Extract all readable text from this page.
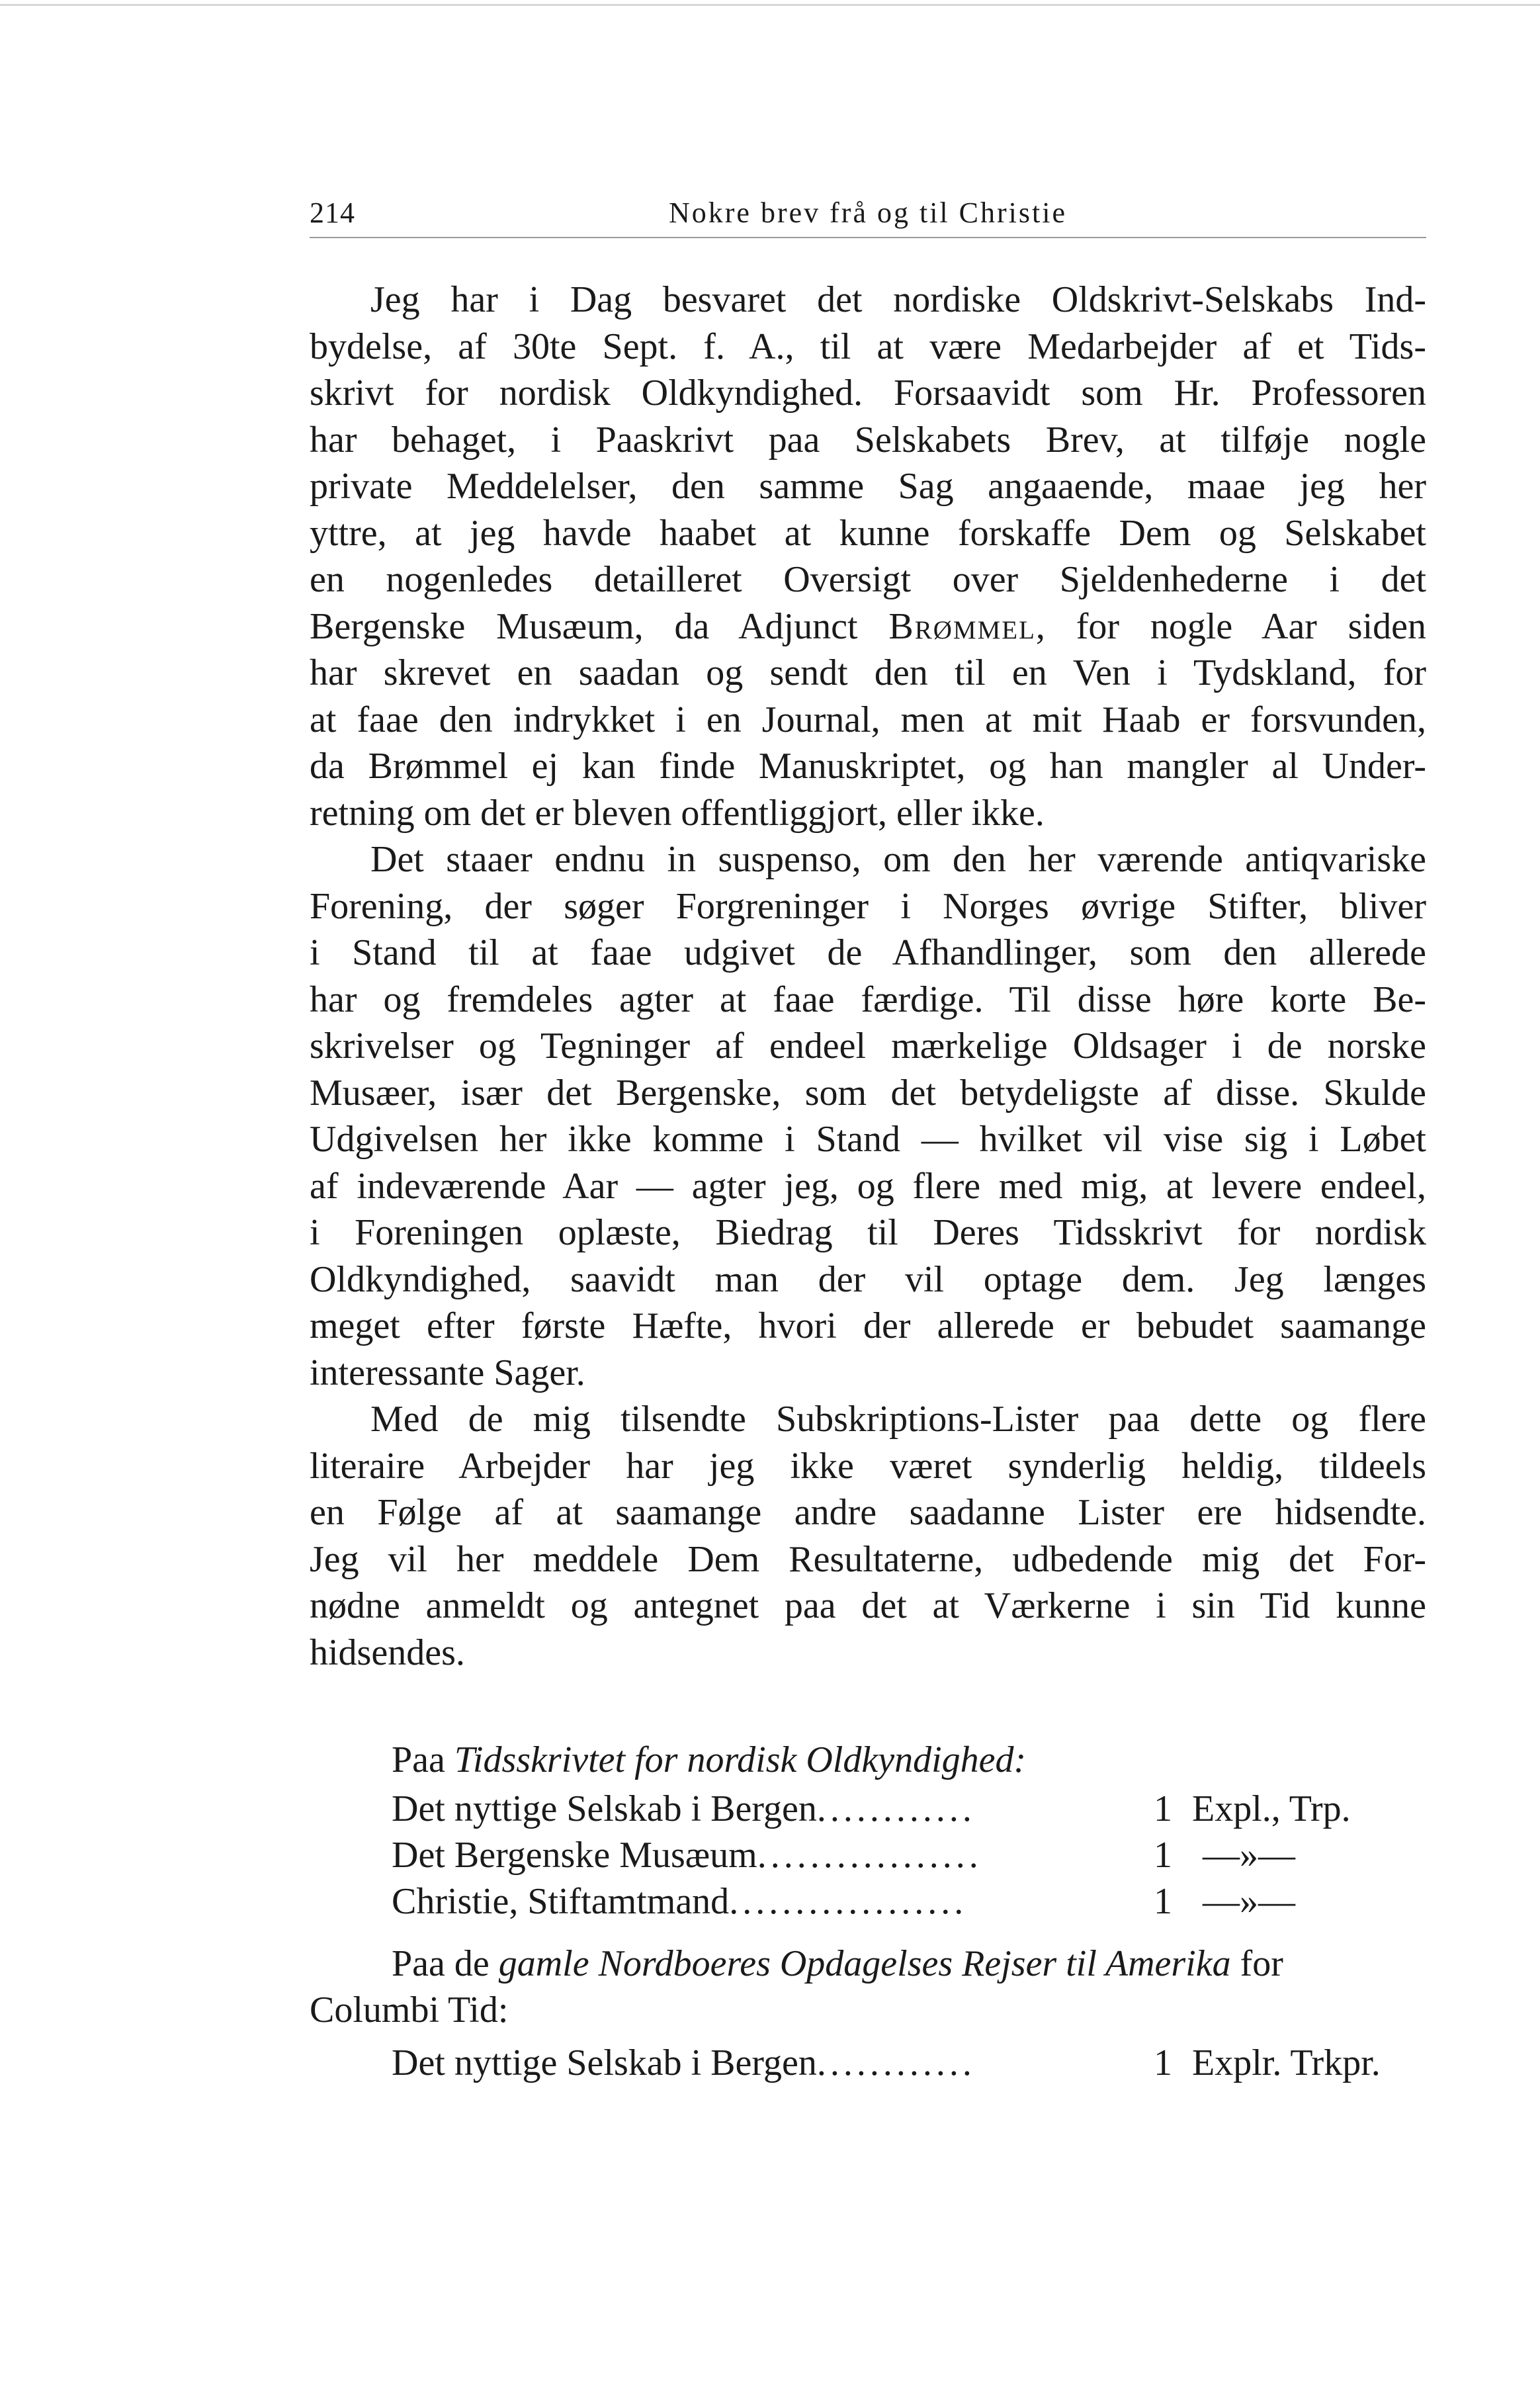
214	Nokre brev frå og til Christie
Jeg har i Dag besvaret det nordiske Oldskrivt-Selskabs Ind-
bydelse, af 30te Sept. f. A., til at være Medarbejder af et Tids-
skrivt for nordisk Oldkyndighed. Forsaavidt som Hr. Professoren
har behaget, i Paaskrivt paa Selskabets Brev, at tilføje nogle
private Meddelelser, den samme Sag angaaende, maae jeg her
yttre, at jeg havde haabet at kunne forskaffe Dem og Selskabet
en nogenledes detailleret Oversigt over Sjeldenhederne i det
Bergenske Musæum, da Adjunct Brømmel, for nogle Aar siden
har skrevet en saadan og sendt den til en Ven i Tydskland, for
at faae den indrykket i en Journal, men at mit Haab er forsvunden,
da Brømmel ej kan finde Manuskriptet, og han mangler al Under-
retning om det er bleven offentliggjort, eller ikke.
Det staaer endnu in suspenso, om den her værende antiqvariske
Forening, der søger Forgreninger i Norges øvrige Stifter, bliver
i Stand til at faae udgivet de Afhandlinger, som den allerede
har og fremdeles agter at faae færdige. Til disse høre korte Be-
skrivelser og Tegninger af endeel mærkelige Oldsager i de norske
Musæer, især det Bergenske, som det betydeligste af disse. Skulde
Udgivelsen her ikke komme i Stand — hvilket vil vise sig i Løbet
af indeværende Aar — agter jeg, og flere med mig, at levere endeel,
i Foreningen oplæste, Biedrag til Deres Tidsskrivt for nordisk
Oldkyndighed, saavidt man der vil optage dem. Jeg længes
meget efter første Hæfte, hvori der allerede er bebudet saamange
interessante Sager.
Med de mig tilsendte Subskriptions-Lister paa dette og flere
literaire Arbejder har jeg ikke været synderlig heldig, tildeels
en Følge af at saamange andre saadanne Lister ere hidsendte.
Jeg vil her meddele Dem Resultaterne, udbedende mig det For-
nødne anmeldt og antegnet paa det at Værkerne i sin Tid kunne
hidsendes.
Paa Tidsskrivtet for nordisk Oldkyndighed:
Det nyttige Selskab i Bergen............	1 Expl., Trp.
Det Bergenske Musæum.................	1 —»—
Christie, Stiftamtmand..................	1 —»—
Paa de gamle Nordboeres Opdagelses Rejser til Amerika for
Columbi Tid:
Det nyttige Selskab i Bergen............	1 Explr. Trkpr.
